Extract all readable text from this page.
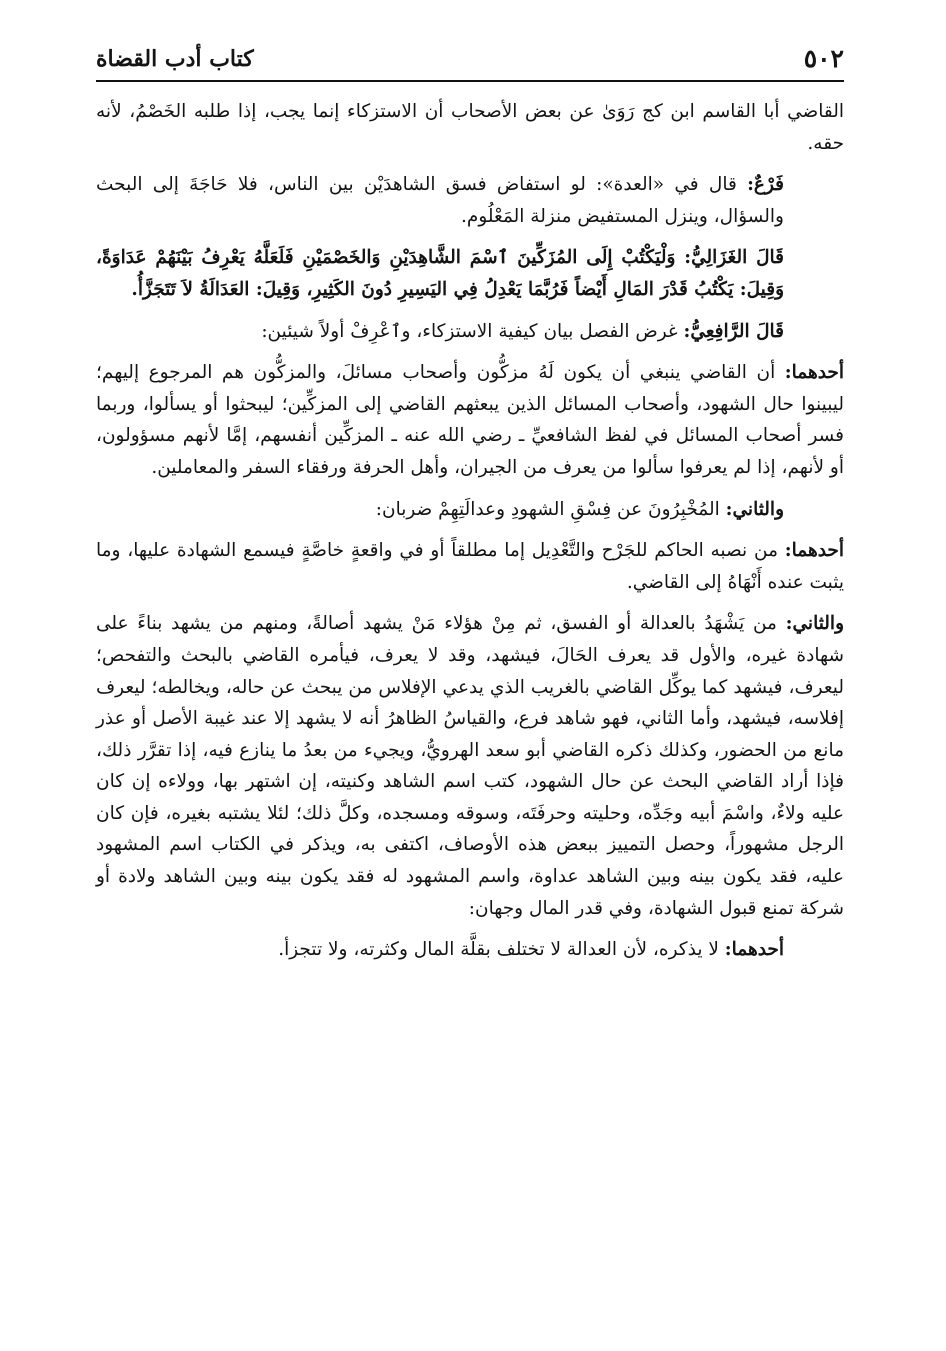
٥٠٢
كتاب أدب القضاة

القاضي أبا القاسم ابن كج رَوَىٰ عن بعض الأصحاب أن الاستزكاء إنما يجب، إذا طلبه الخَصْمُ، لأنه حقه.

فَرْعٌ: قال في «العدة»: لو استفاض فسق الشاهدَيْن بين الناس، فلا حَاجَةَ إلى البحث والسؤال، وينزل المستفيض منزلة المَعْلُوم.

قَالَ الغَزَالِيُّ: وَلْيَكْتُبْ إِلَى المُزَكِّينَ ٱسْمَ الشَّاهِدَيْنِ وَالخَصْمَيْنِ فَلَعَلَّهُ يَعْرِفُ بَيْنَهُمْ عَدَاوَةً، وَقِيلَ: يَكْتُبُ قَدْرَ المَالِ أَيْضاً فَرُبَّمَا يَعْدِلُ فِي اليَسِيرِ دُونَ الكَثِيرِ، وَقِيلَ: العَدَالَةُ لاَ تَتَجَزَّأُ.

قَالَ الرَّافِعِيُّ: غرض الفصل بيان كيفية الاستزكاء، وٱعْرِفْ أولاً شيئين:

أحدهما: أن القاضي ينبغي أن يكون لَهُ مزكُّون وأصحاب مسائلَ، والمزكُّون هم المرجوع إليهم؛ ليبينوا حال الشهود، وأصحاب المسائل الذين يبعثهم القاضي إلى المزكِّين؛ ليبحثوا أو يسألوا، وربما فسر أصحاب المسائل في لفظ الشافعيِّ ـ رضي الله عنه ـ المزكِّين أنفسهم، إمَّا لأنهم مسؤولون، أو لأنهم، إذا لم يعرفوا سألوا من يعرف من الجيران، وأهل الحرفة ورفقاء السفر والمعاملين.

والثاني: المُخْبِرُونَ عن فِسْقِ الشهودِ وعدالَتِهِمْ ضربان:

أحدهما: من نصبه الحاكم للجَرْح والتَّعْدِيل إما مطلقاً أو في واقعةٍ خاصَّةٍ فيسمع الشهادة عليها، وما يثبت عنده أَنْهَاهُ إلى القاضي.

والثاني: من يَشْهَدُ بالعدالة أو الفسق، ثم مِنْ هؤلاء مَنْ يشهد أصالةً، ومنهم من يشهد بناءً على شهادة غيره، والأول قد يعرف الحَالَ، فيشهد، وقد لا يعرف، فيأمره القاضي بالبحث والتفحص؛ ليعرف، فيشهد كما يوكِّل القاضي بالغريب الذي يدعي الإفلاس من يبحث عن حاله، ويخالطه؛ ليعرف إفلاسه، فيشهد، وأما الثاني، فهو شاهد فرع، والقياسُ الظاهرُ أنه لا يشهد إلا عند غيبة الأصل أو عذر مانع من الحضور، وكذلك ذكره القاضي أبو سعد الهرويُّ، ويجيء من بعدُ ما ينازع فيه، إذا تقرَّر ذلك، فإذا أراد القاضي البحث عن حال الشهود، كتب اسم الشاهد وكنيته، إن اشتهر بها، وولاءه إن كان عليه ولاءٌ، واسْمَ أبيه وجَدِّه، وحليته وحرفَتَه، وسوقه ومسجده، وكلَّ ذلك؛ لئلا يشتبه بغيره، فإن كان الرجل مشهوراً، وحصل التمييز ببعض هذه الأوصاف، اكتفى به، ويذكر في الكتاب اسم المشهود عليه، فقد يكون بينه وبين الشاهد عداوة، واسم المشهود له فقد يكون بينه وبين الشاهد ولادة أو شركة تمنع قبول الشهادة، وفي قدر المال وجهان:

أحدهما: لا يذكره، لأن العدالة لا تختلف بقلَّة المال وكثرته، ولا تتجزأ.
